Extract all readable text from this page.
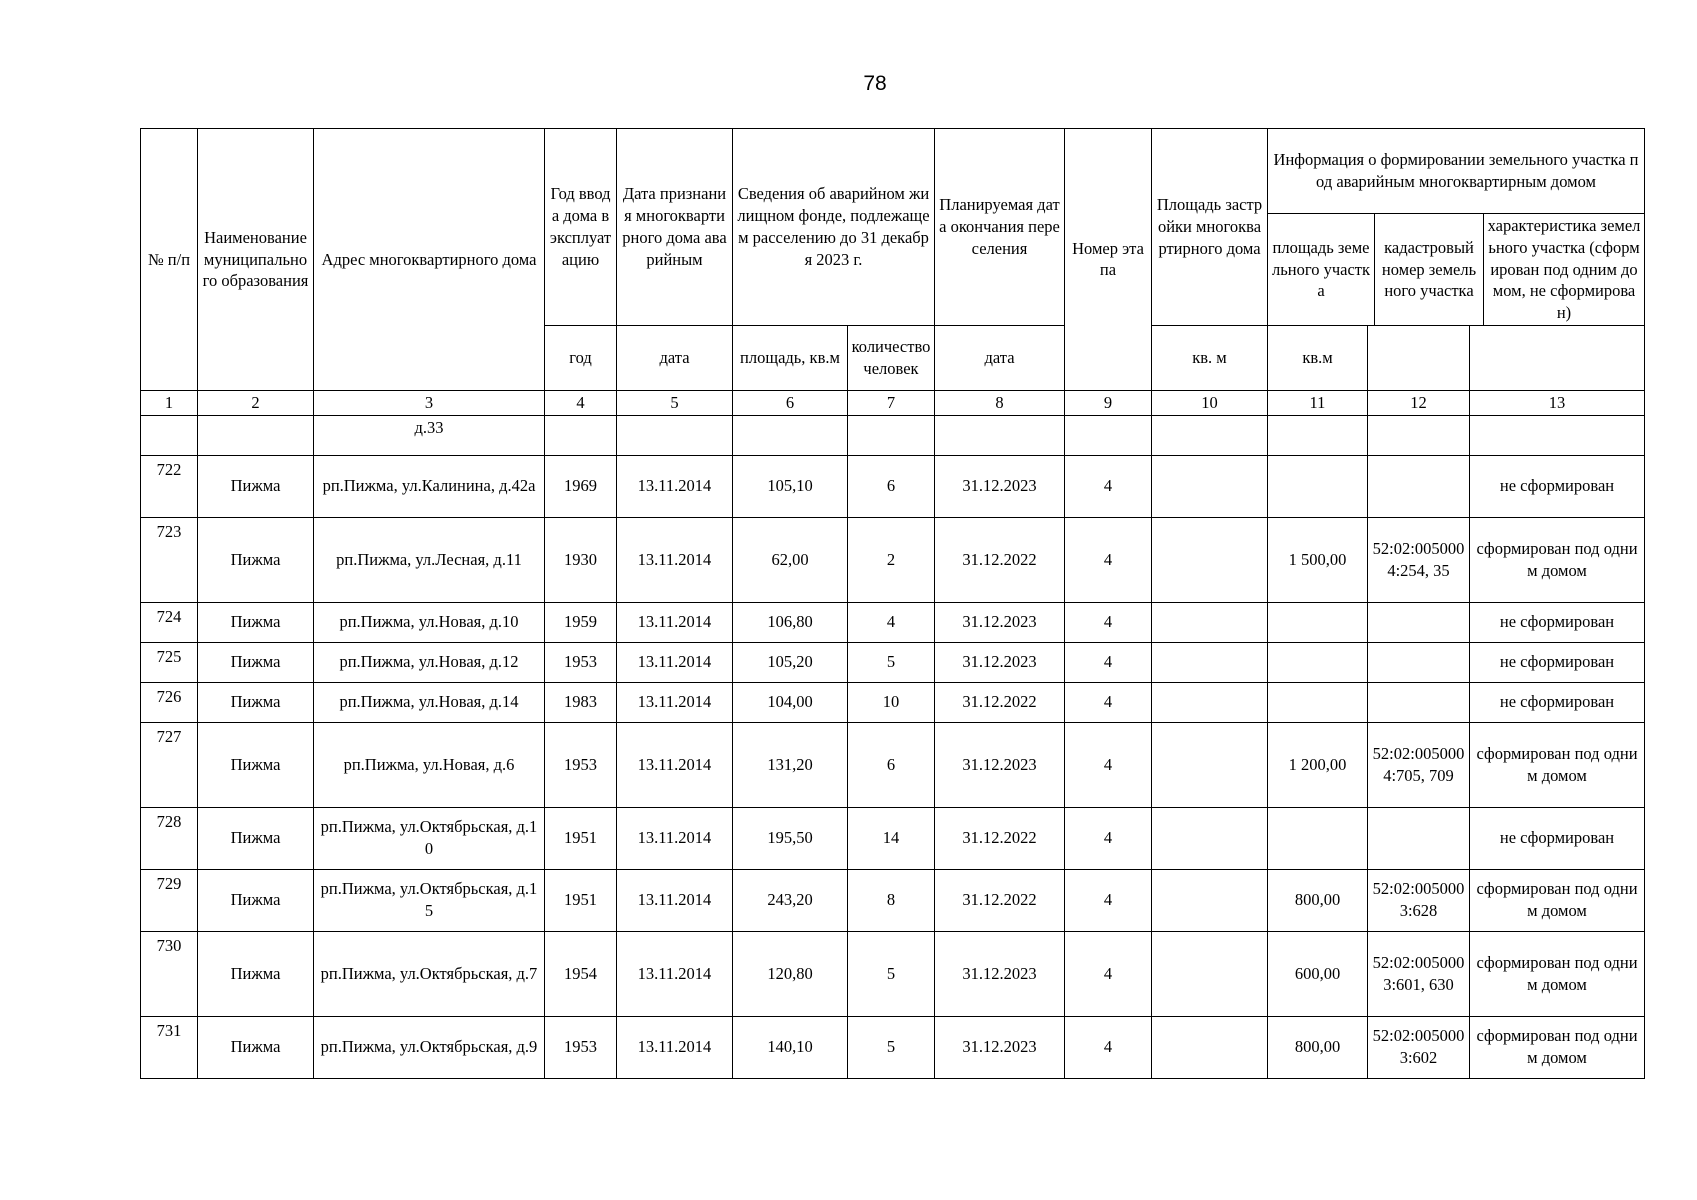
78
№ п/п	Наименование муниципального образования	Адрес многоквартирного дома	Год ввода дома в эксплуатацию	Дата признания многоквартирного дома аварийным	Сведения об аварийном жилищном фонде, подлежащем расселению до 31 декабря 2023 г.	Планируемая дата окончания переселения	Номер этапа	Площадь застройки многоквартирного дома	
Информация о формировании земельного участка под аварийным многоквартирным домом
площадь земельного участка	кадастровый номер земельного участка	характеристика земельного участка (сформирован под одним домом, не сформирован)

год	дата	площадь, кв.м	количество человек	дата	кв. м	кв.м		
1	2	3	4	5	6	7	8	9	10	11	12	13
		д.33										
722	Пижма	рп.Пижма, ул.Калинина, д.42а	1969	13.11.2014	105,10	6	31.12.2023	4				не сформирован
723	Пижма	рп.Пижма, ул.Лесная, д.11	1930	13.11.2014	62,00	2	31.12.2022	4		1 500,00	52:02:0050004:254, 35	сформирован под одним домом
724	Пижма	рп.Пижма, ул.Новая, д.10	1959	13.11.2014	106,80	4	31.12.2023	4				не сформирован
725	Пижма	рп.Пижма, ул.Новая, д.12	1953	13.11.2014	105,20	5	31.12.2023	4				не сформирован
726	Пижма	рп.Пижма, ул.Новая, д.14	1983	13.11.2014	104,00	10	31.12.2022	4				не сформирован
727	Пижма	рп.Пижма, ул.Новая, д.6	1953	13.11.2014	131,20	6	31.12.2023	4		1 200,00	52:02:0050004:705, 709	сформирован под одним домом
728	Пижма	рп.Пижма, ул.Октябрьская, д.10	1951	13.11.2014	195,50	14	31.12.2022	4				не сформирован
729	Пижма	рп.Пижма, ул.Октябрьская, д.15	1951	13.11.2014	243,20	8	31.12.2022	4		800,00	52:02:0050003:628	сформирован под одним домом
730	Пижма	рп.Пижма, ул.Октябрьская, д.7	1954	13.11.2014	120,80	5	31.12.2023	4		600,00	52:02:0050003:601, 630	сформирован под одним домом
731	Пижма	рп.Пижма, ул.Октябрьская, д.9	1953	13.11.2014	140,10	5	31.12.2023	4		800,00	52:02:0050003:602	сформирован под одним домом
